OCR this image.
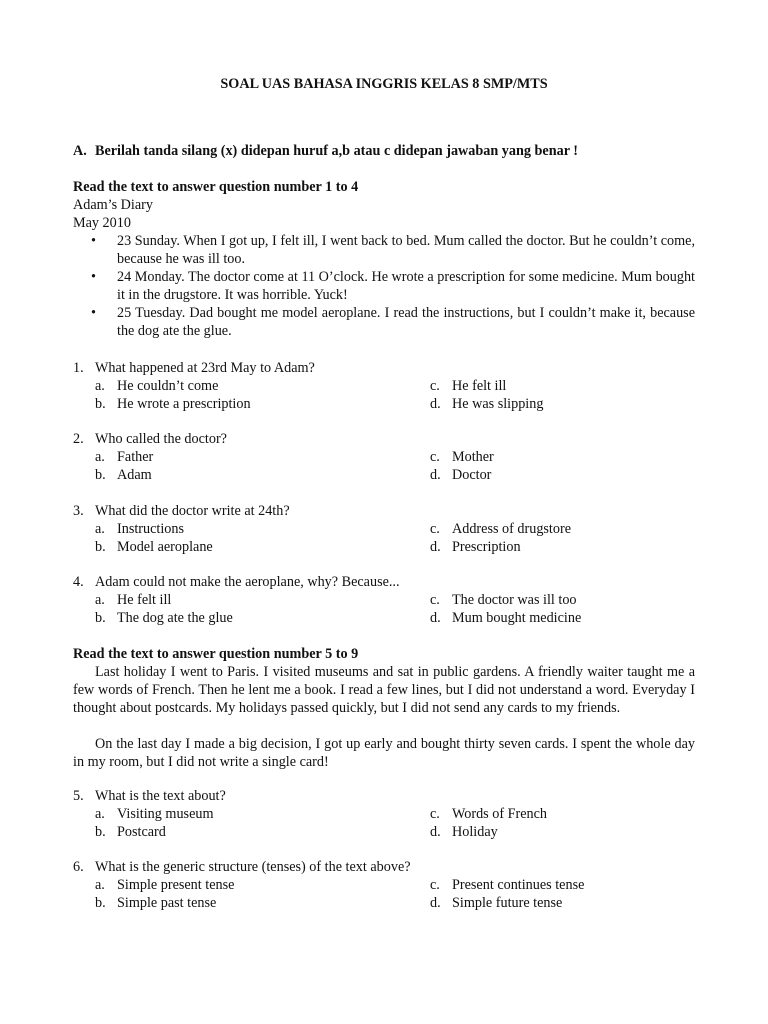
SOAL UAS BAHASA INGGRIS KELAS 8 SMP/MTS
A. Berilah tanda silang (x) didepan huruf a,b atau c didepan jawaban yang benar !
Read the text to answer question number 1 to 4
Adam’s Diary
May 2010
• 23 Sunday. When I got up, I felt ill, I went back to bed. Mum called the doctor. But he couldn’t come, because he was ill too.
• 24 Monday. The doctor come at 11 O’clock. He wrote a prescription for some medicine. Mum bought it in the drugstore. It was horrible. Yuck!
• 25 Tuesday. Dad bought me model aeroplane. I read the instructions, but I couldn’t make it, because the dog ate the glue.
1. What happened at 23rd May to Adam?
a. He couldn’t come
b. He wrote a prescription
c. He felt ill
d. He was slipping
2. Who called the doctor?
a. Father
b. Adam
c. Mother
d. Doctor
3. What did the doctor write at 24th?
a. Instructions
b. Model aeroplane
c. Address of drugstore
d. Prescription
4. Adam could not make the aeroplane, why? Because...
a. He felt ill
b. The dog ate the glue
c. The doctor was ill too
d. Mum bought medicine
Read the text to answer question number 5 to 9
Last holiday I went to Paris. I visited museums and sat in public gardens. A friendly waiter taught me a few words of French. Then he lent me a book. I read a few lines, but I did not understand a word. Everyday I thought about postcards. My holidays passed quickly, but I did not send any cards to my friends.
On the last day I made a big decision, I got up early and bought thirty seven cards. I spent the whole day in my room, but I did not write a single card!
5. What is the text about?
a. Visiting museum
b. Postcard
c. Words of French
d. Holiday
6. What is the generic structure (tenses) of the text above?
a. Simple present tense
b. Simple past tense
c. Present continues tense
d. Simple future tense
